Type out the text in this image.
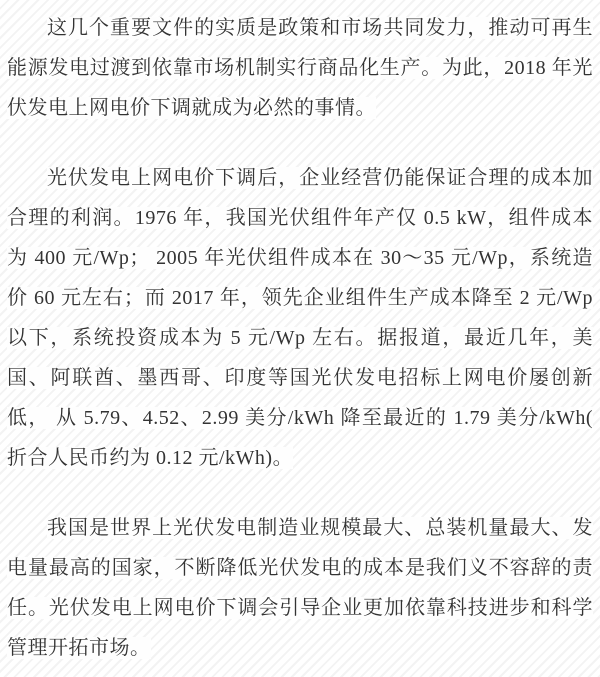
这几个重要文件的实质是政策和市场共同发力，推动可再生能源发电过渡到依靠市场机制实行商品化生产。为此，2018 年光伏发电上网电价下调就成为必然的事情。

光伏发电上网电价下调后，企业经营仍能保证合理的成本加合理的利润。1976 年，我国光伏组件年产仅 0.5 kW，组件成本为 400 元/Wp； 2005 年光伏组件成本在 30～35 元/Wp，系统造价 60 元左右；而 2017 年，领先企业组件生产成本降至 2 元/Wp 以下，系统投资成本为 5 元/Wp 左右。据报道，最近几年，美国、阿联酋、墨西哥、印度等国光伏发电招标上网电价屡创新低， 从 5.79、4.52、2.99 美分/kWh 降至最近的 1.79 美分/kWh( 折合人民币约为 0.12 元/kWh)。

我国是世界上光伏发电制造业规模最大、总装机量最大、发电量最高的国家，不断降低光伏发电的成本是我们义不容辞的责任。光伏发电上网电价下调会引导企业更加依靠科技进步和科学管理开拓市场。
